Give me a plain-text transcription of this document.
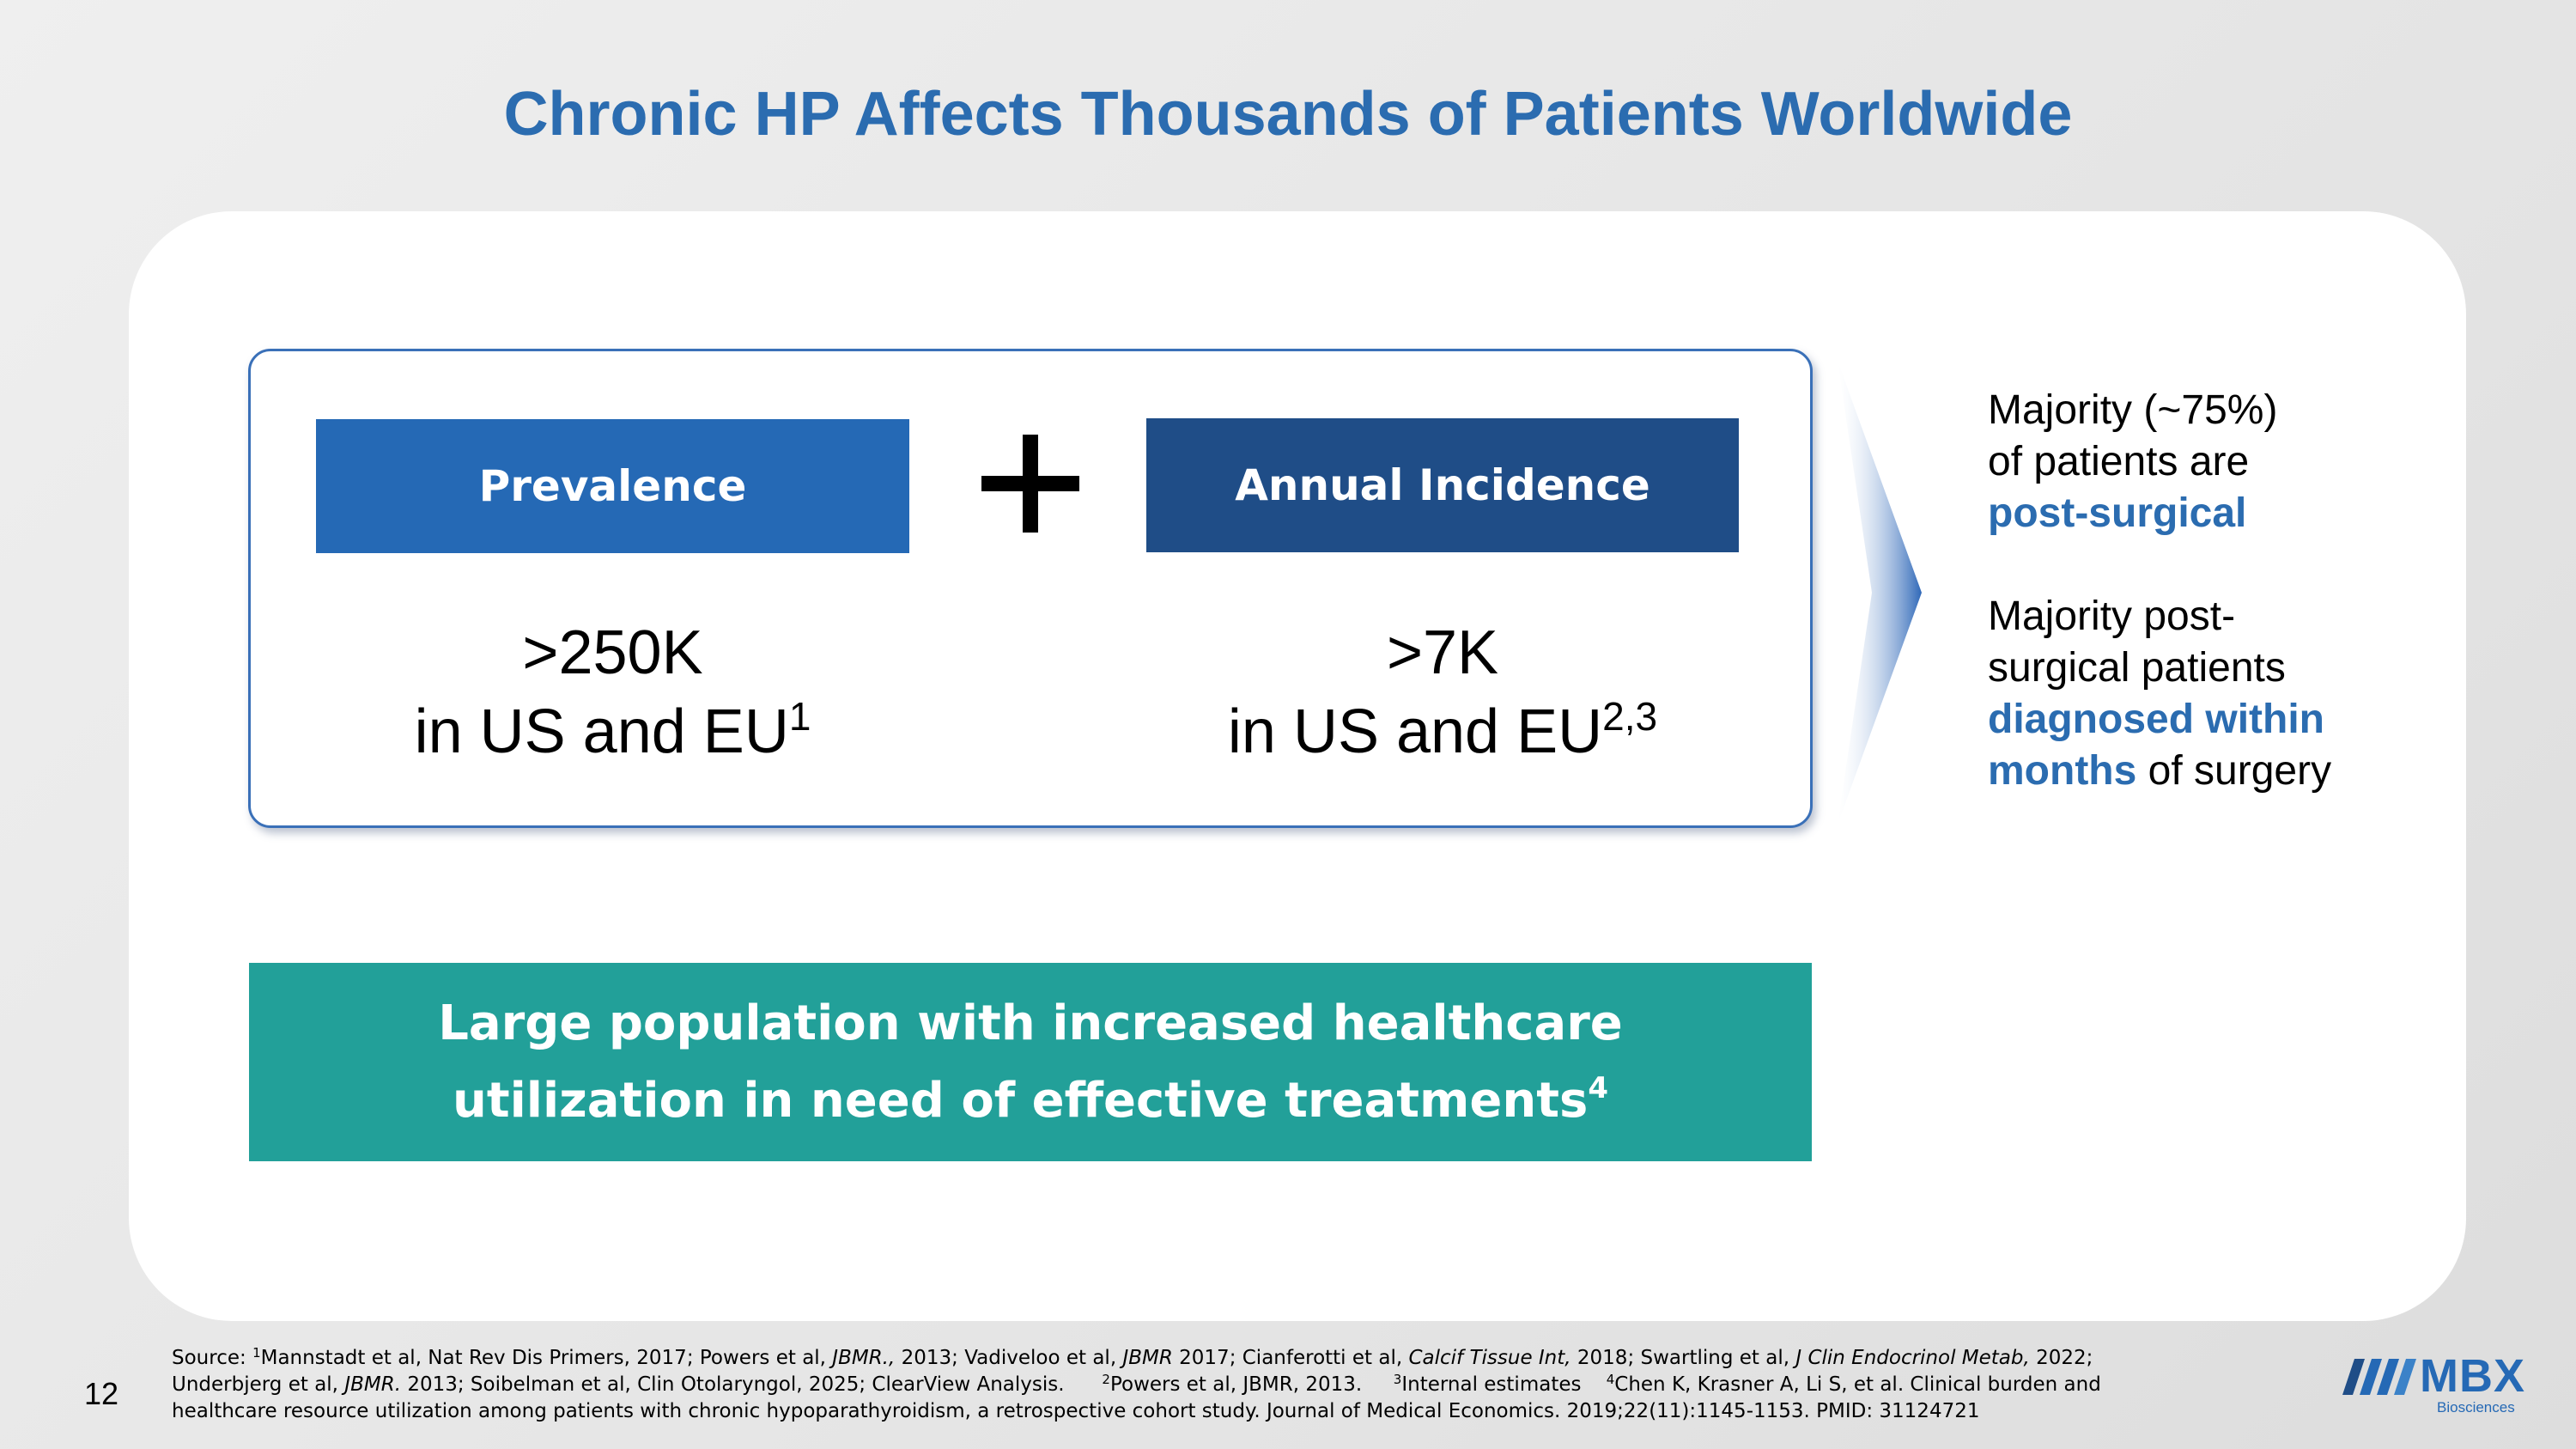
Chronic HP Affects Thousands of Patients Worldwide
Prevalence	Annual Incidence
>250K
in US and $EU^1$
>7K
in US and EU$^{2,3}$
Majority (~75%)
of patients are
post-surgical
Majority post-
surgical patients
diagnosed within
months of surgery
Large population with increased healthcare
utilization in need of effective treatments$^4$
12
Source: $^1$Mannstadt et al, Nat Rev Dis Primers, 2017; Powers et al, JBMR., 2013; Vadiveloo et al, JBMR 2017; Cianferotti et al, Calcif Tissue Int, 2018; Swartling et al, J Clin Endocrinol Metab, 2022; Underbjerg et al, JBMR. 2013; Soibelman et al, Clin Otolaryngol, 2025; ClearView Analysis.      $^2$Powers et al, JBMR, 2013.     $^3$Internal estimates    $^4$Chen K, Krasner A, Li S, et al. Clinical burden and healthcare resource utilization among patients with chronic hypoparathyroidism, a retrospective cohort study. Journal of Medical Economics. 2019;22(11):1145-1153. PMID: 31124721
MBX
Biosciences
